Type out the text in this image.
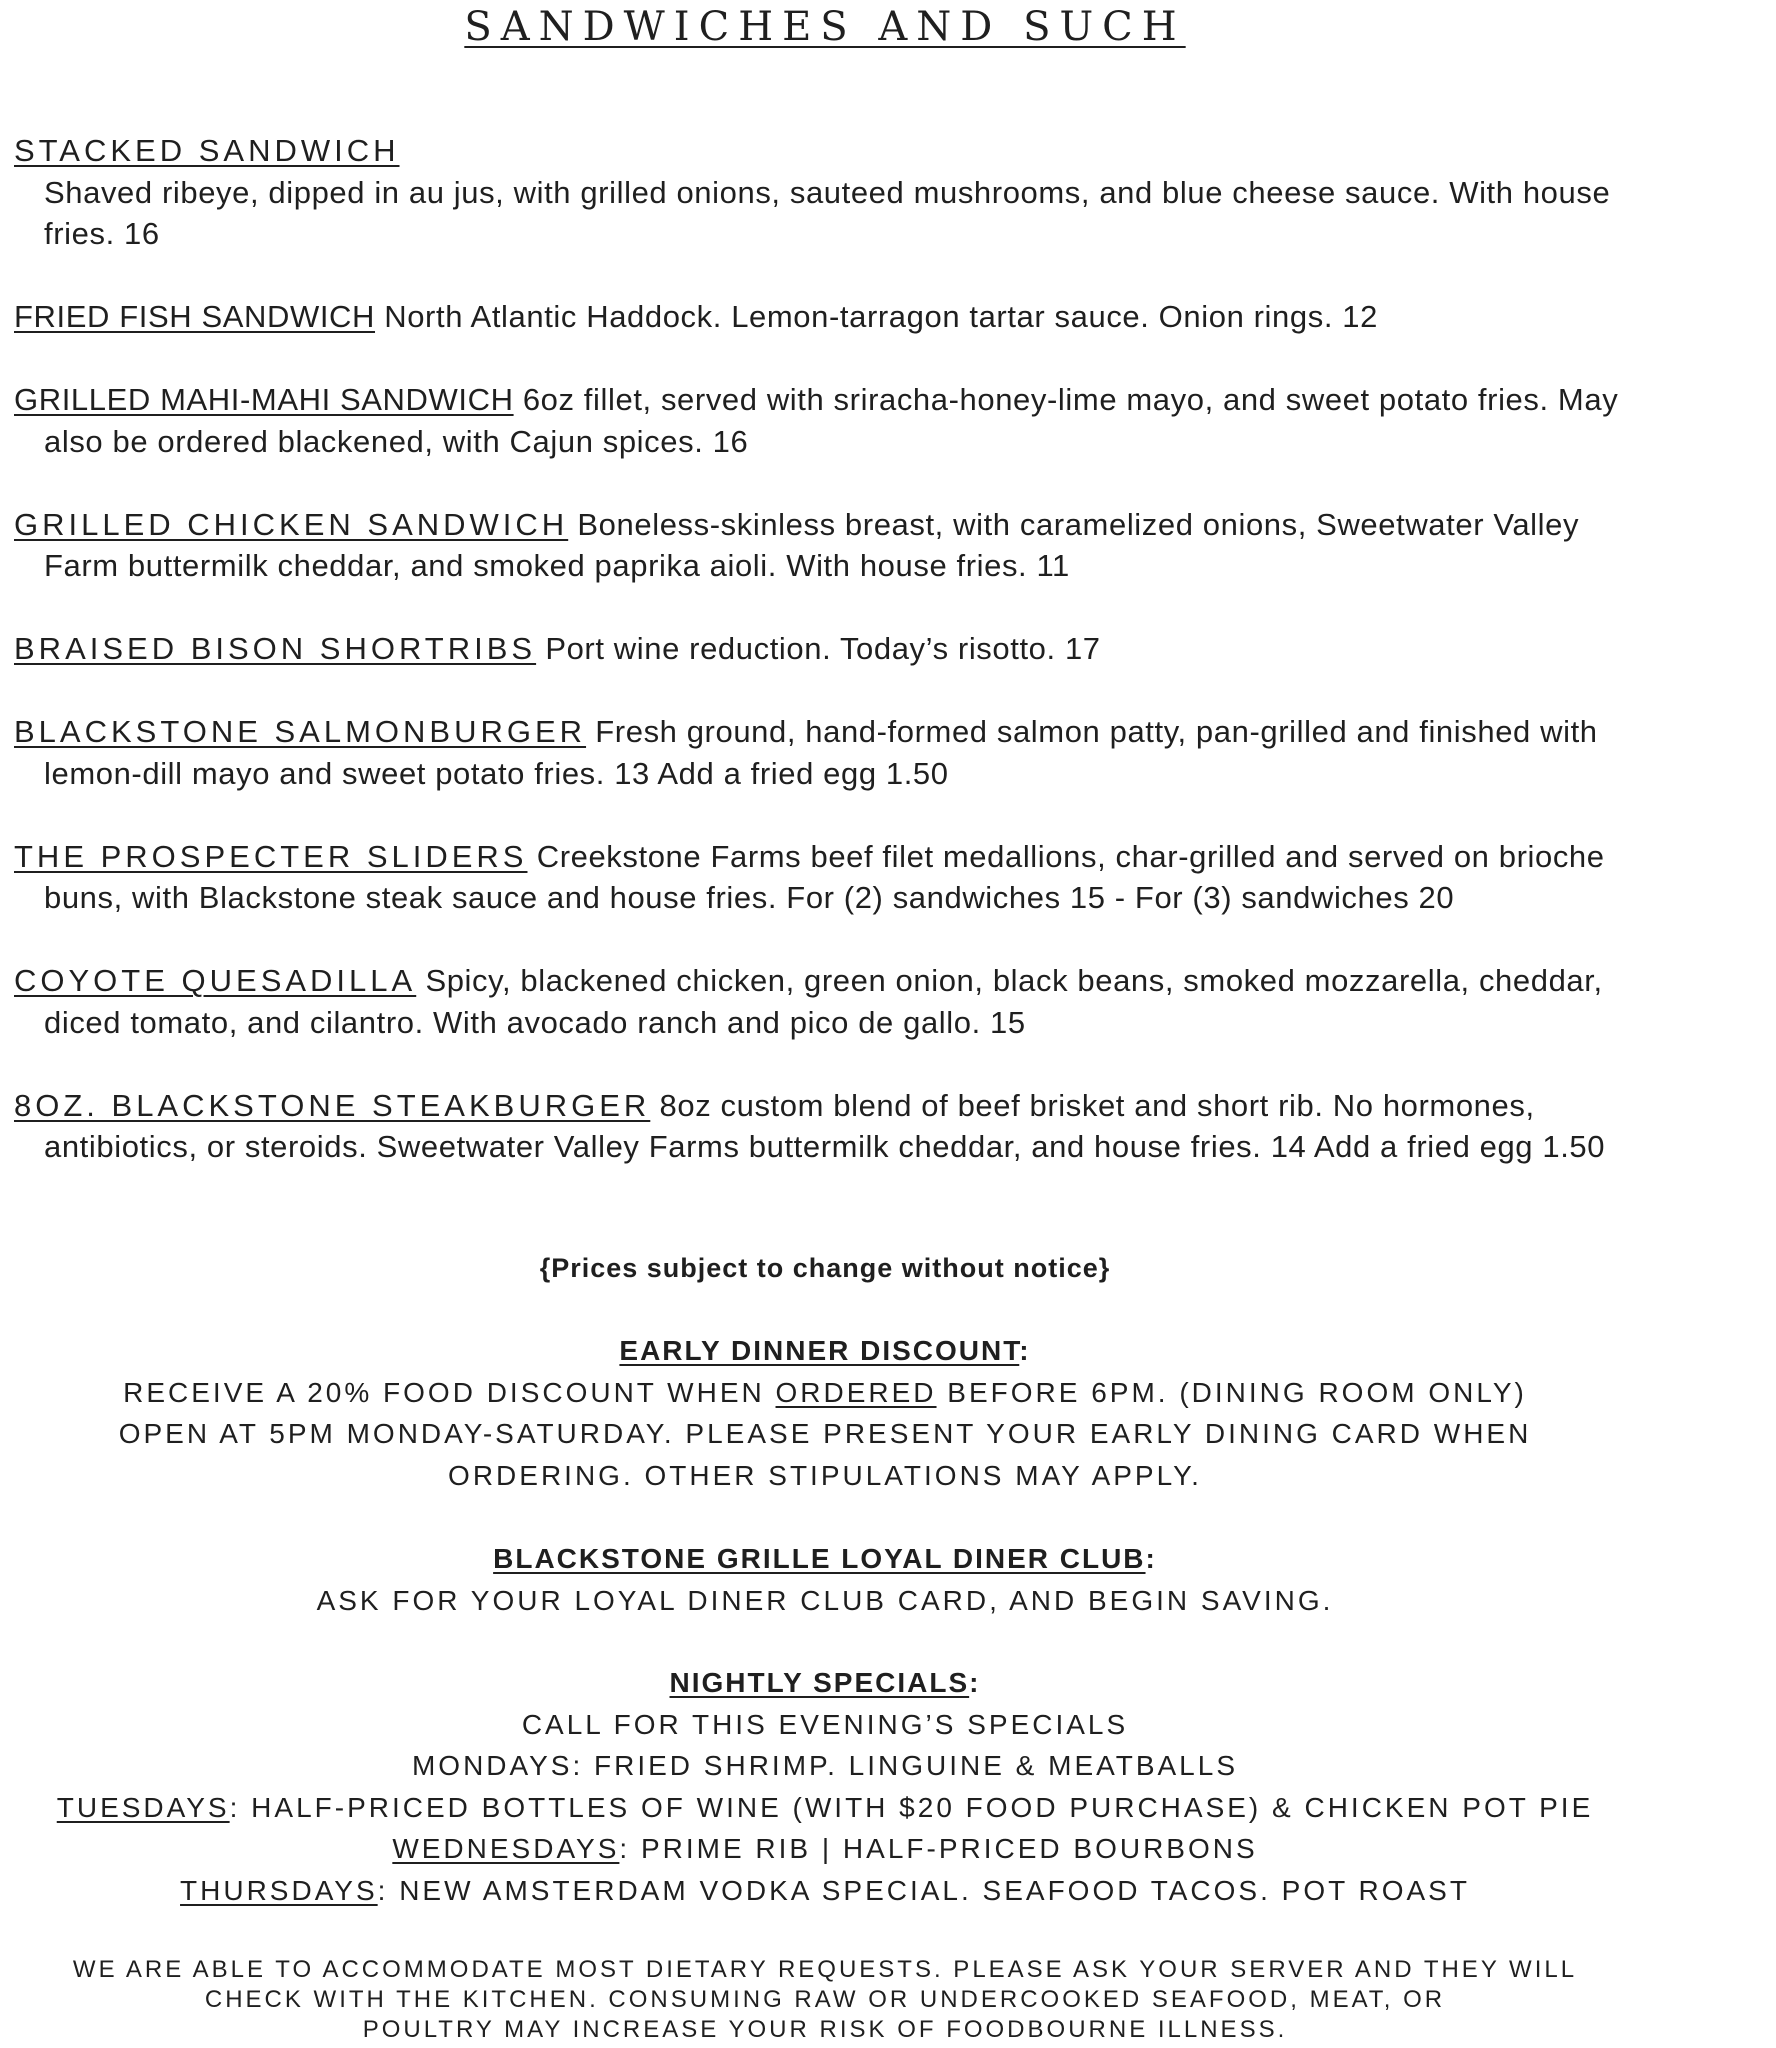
SANDWICHES AND SUCH
STACKED SANDWICH
Shaved ribeye, dipped in au jus, with grilled onions, sauteed mushrooms, and blue cheese sauce. With house fries. 16
FRIED FISH SANDWICH North Atlantic Haddock. Lemon-tarragon tartar sauce. Onion rings. 12
GRILLED MAHI-MAHI SANDWICH 6oz fillet, served with sriracha-honey-lime mayo, and sweet potato fries. May also be ordered blackened, with Cajun spices. 16
GRILLED CHICKEN SANDWICH Boneless-skinless breast, with caramelized onions, Sweetwater Valley Farm buttermilk cheddar, and smoked paprika aioli. With house fries. 11
BRAISED BISON SHORTRIBS Port wine reduction. Today’s risotto. 17
BLACKSTONE SALMONBURGER Fresh ground, hand-formed salmon patty, pan-grilled and finished with lemon-dill mayo and sweet potato fries. 13 Add a fried egg 1.50
THE PROSPECTER SLIDERS Creekstone Farms beef filet medallions, char-grilled and served on brioche buns, with Blackstone steak sauce and house fries. For (2) sandwiches 15 - For (3) sandwiches 20
COYOTE QUESADILLA Spicy, blackened chicken, green onion, black beans, smoked mozzarella, cheddar, diced tomato, and cilantro. With avocado ranch and pico de gallo. 15
8OZ. BLACKSTONE STEAKBURGER 8oz custom blend of beef brisket and short rib. No hormones, antibiotics, or steroids. Sweetwater Valley Farms buttermilk cheddar, and house fries. 14 Add a fried egg 1.50
{Prices subject to change without notice}
EARLY DINNER DISCOUNT:
RECEIVE A 20% FOOD DISCOUNT WHEN ORDERED BEFORE 6PM. (DINING ROOM ONLY)
OPEN AT 5PM MONDAY-SATURDAY. PLEASE PRESENT YOUR EARLY DINING CARD WHEN
ORDERING. OTHER STIPULATIONS MAY APPLY.
BLACKSTONE GRILLE LOYAL DINER CLUB:
ASK FOR YOUR LOYAL DINER CLUB CARD, AND BEGIN SAVING.
NIGHTLY SPECIALS:
CALL FOR THIS EVENING’S SPECIALS
MONDAYS: FRIED SHRIMP. LINGUINE & MEATBALLS
TUESDAYS: HALF-PRICED BOTTLES OF WINE (WITH $20 FOOD PURCHASE) & CHICKEN POT PIE
WEDNESDAYS: PRIME RIB | HALF-PRICED BOURBONS
THURSDAYS: NEW AMSTERDAM VODKA SPECIAL. SEAFOOD TACOS. POT ROAST
WE ARE ABLE TO ACCOMMODATE MOST DIETARY REQUESTS. PLEASE ASK YOUR SERVER AND THEY WILL
CHECK WITH THE KITCHEN. CONSUMING RAW OR UNDERCOOKED SEAFOOD, MEAT, OR
POULTRY MAY INCREASE YOUR RISK OF FOODBOURNE ILLNESS.
